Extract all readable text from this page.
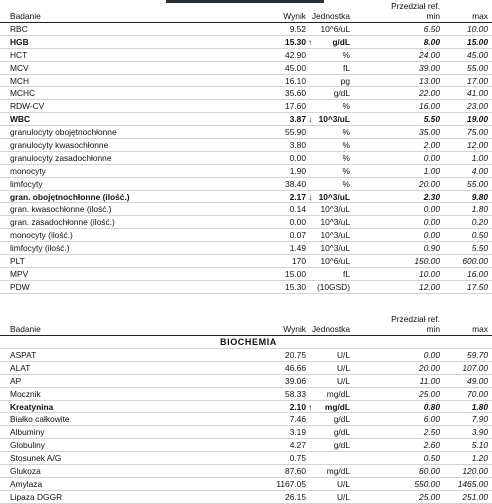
Badanie	Wynik Jednostka
Przedział ref.
min	max
RBC	9.52 10^6/uL	6.50	10.00
HGB	15.30 ↑	g/dL	8.00	15.00
HCT	42.90	%	24.00	45.00
MCV	45.00	fL	39.00	55.00
MCH	16.10	pg	13.00	17.00
MCHC	35.60	g/dL	22.00	41.00
RDW-CV	17.60	%	16.00	23.00
WBC	3.87 ↓ 10^3/uL	5.50	19.00
granulocyty obojętnochłonne	55.90	%	35.00	75.00
granulocyty kwasochłonne	3.80	%	2.00	12.00
granulocyty zasadochłonne	0.00	%	0.00	1.00
monocyty	1.90	%	1.00	4.00
limfocyty	38.40	%	20.00	55.00
gran. obojętnochłonne (ilość.)	2.17 ↓ 10^3/uL	2.30	9.80
gran. kwasochłonne (ilość.)	0.14 10^3/uL	0.00	1.80
gran. zasadochłonne (ilość.)	0.00 10^3/uL	0.00	0.20
monocyty (ilość.)	0.07 10^3/uL	0.00	0.50
limfocyty (ilość.)	1.49 10^3/uL	0.90	5.50
PLT	170 10^6/uL	150.00	600.00
MPV	15.00	fL	10.00	16.00
PDW	15.30 (10GSD)	12.00	17.50
Badanie	Wynik Jednostka
Przedział ref.
min	max
BIOCHEMIA
ASPAT	20.75	U/L	0.00	59.70
ALAT	46.66	U/L	20.00	107.00
AP	39.06	U/L	11.00	49.00
Mocznik	58.33 mg/dL	25.00	70.00
Kreatynina	2.10 ↑	mg/dL	0.80	1.80
Białko całkowite	7.46	g/dL	6.00	7.90
Albuminy	3.19	g/dL	2.50	3.90
Globuliny	4.27	g/dL	2.60	5.10
Stosunek A/G	0.75	0.50	1.20
Glukoza	87.60 mg/dL	60.00	120.00
Amylaza	1167.05	U/L	550.00 1465.00
Lipaza DGGR	26.15	U/L	25.00	251.00
